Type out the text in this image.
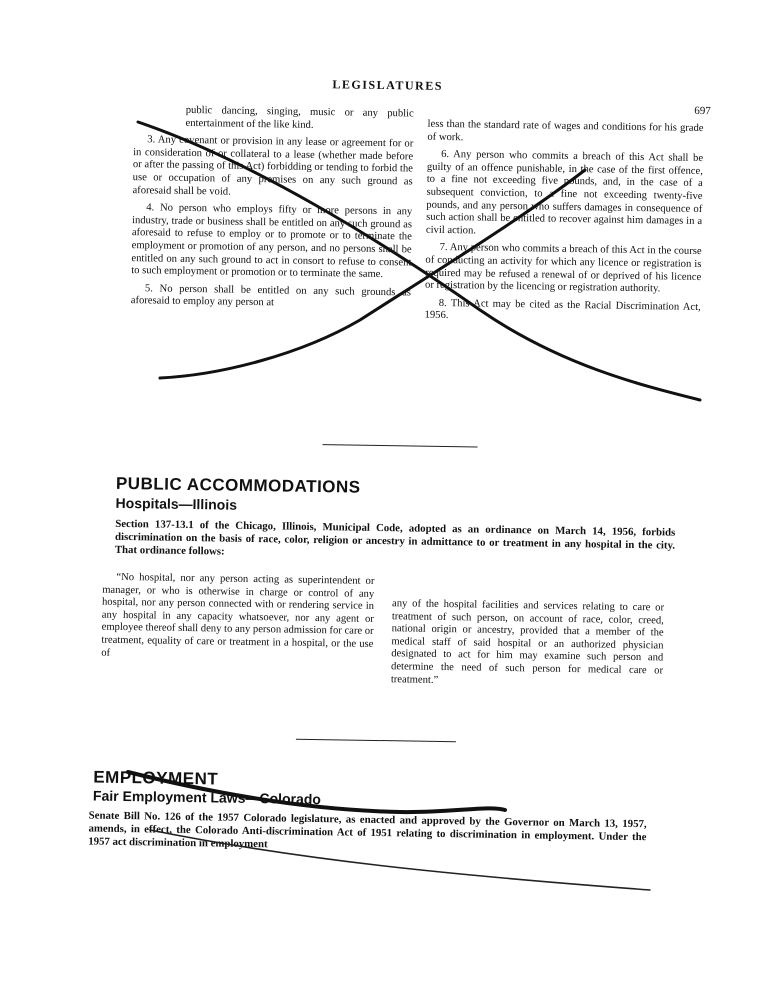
LEGISLATURES
697

public dancing, singing, music or any public entertainment of the like kind.

3. Any covenant or provision in any lease or agreement for or in consideration of or collateral to a lease (whether made before or after the passing of this Act) forbidding or tending to forbid the use or occupation of any premises on any such ground as aforesaid shall be void.

4. No person who employs fifty or more persons in any industry, trade or business shall be entitled on any such ground as aforesaid to refuse to employ or to promote or to terminate the employment or promotion of any person, and no persons shall be entitled on any such ground to act in consort to refuse to consent to such employment or promotion or to terminate the same.

5. No person shall be entitled on any such grounds as aforesaid to employ any person at

less than the standard rate of wages and conditions for his grade of work.

6. Any person who commits a breach of this Act shall be guilty of an offence punishable, in the case of the first offence, to a fine not exceeding five pounds, and, in the case of a subsequent conviction, to a fine not exceeding twenty-five pounds, and any person who suffers damages in consequence of such action shall be entitled to recover against him damages in a civil action.

7. Any person who commits a breach of this Act in the course of conducting an activity for which any licence or registration is required may be refused a renewal of or deprived of his licence or registration by the licencing or registration authority.

8. This Act may be cited as the Racial Discrimination Act, 1956.

PUBLIC ACCOMMODATIONS
Hospitals—Illinois
Section 137-13.1 of the Chicago, Illinois, Municipal Code, adopted as an ordinance on March 14, 1956, forbids discrimination on the basis of race, color, religion or ancestry in admittance to or treatment in any hospital in the city. That ordinance follows:

“No hospital, nor any person acting as superintendent or manager, or who is otherwise in charge or control of any hospital, nor any person connected with or rendering service in any hospital in any capacity whatsoever, nor any agent or employee thereof shall deny to any person admission for care or treatment, equality of care or treatment in a hospital, or the use of

any of the hospital facilities and services relating to care or treatment of such person, on account of race, color, creed, national origin or ancestry, provided that a member of the medical staff of said hospital or an authorized physician designated to act for him may examine such person and determine the need of such person for medical care or treatment.”

EMPLOYMENT
Fair Employment Laws—Colorado
Senate Bill No. 126 of the 1957 Colorado legislature, as enacted and approved by the Governor on March 13, 1957, amends, in effect, the Colorado Anti-discrimination Act of 1951 relating to discrimination in employment. Under the 1957 act discrimination in employment
